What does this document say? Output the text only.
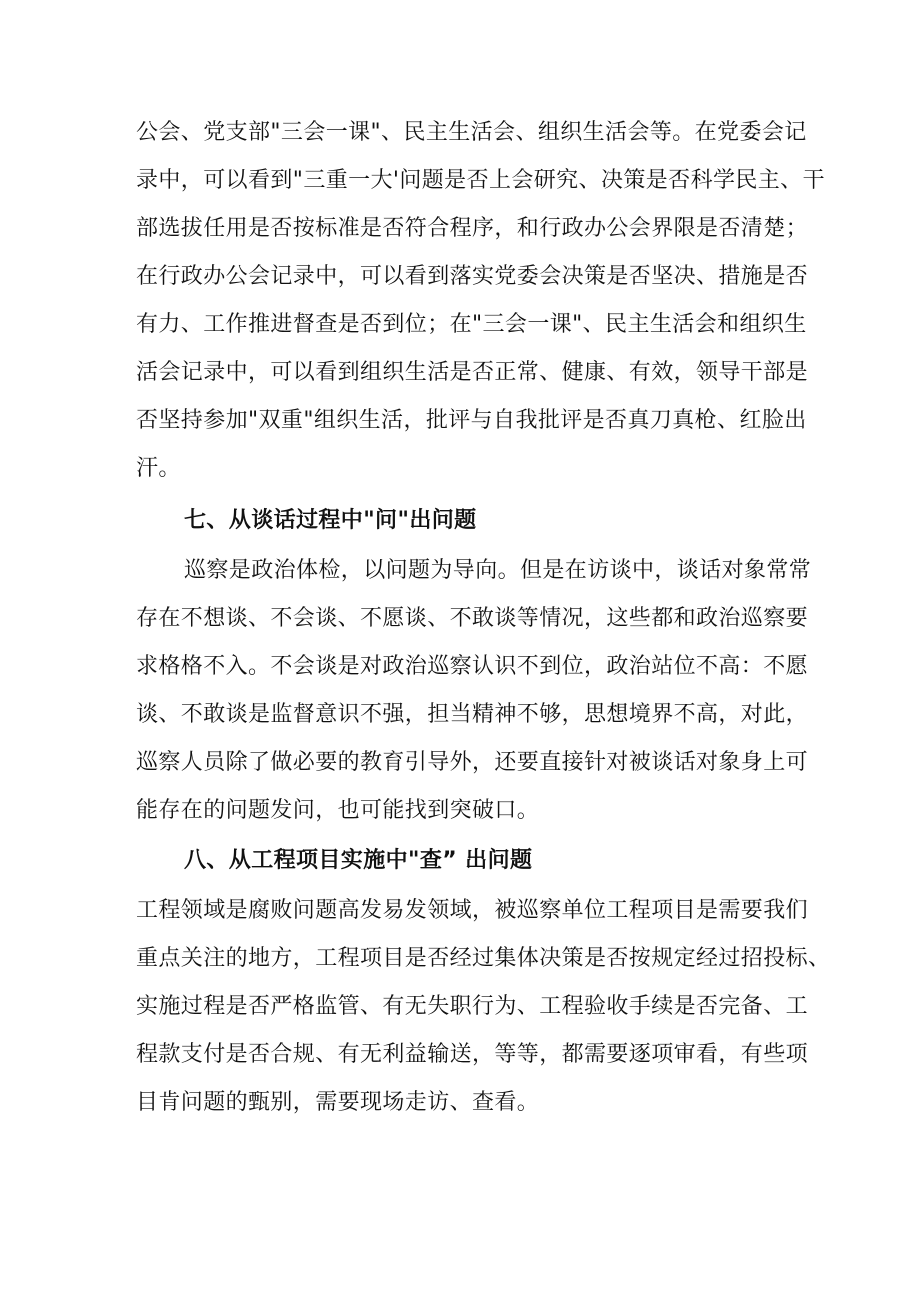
公会、党支部"三会一课"、民主生活会、组织生活会等。在党委会记
录中，可以看到"三重一大'问题是否上会研究、决策是否科学民主、干
部选拔任用是否按标准是否符合程序，和行政办公会界限是否清楚；
在行政办公会记录中，可以看到落实党委会决策是否坚决、措施是否
有力、工作推进督查是否到位；在"三会一课"、民主生活会和组织生
活会记录中，可以看到组织生活是否正常、健康、有效，领导干部是
否坚持参加"双重"组织生活，批评与自我批评是否真刀真枪、红脸出
汗。
七、从谈话过程中"问"出问题
巡察是政治体检，以问题为导向。但是在访谈中，谈话对象常常
存在不想谈、不会谈、不愿谈、不敢谈等情况，这些都和政治巡察要
求格格不入。不会谈是对政治巡察认识不到位，政治站位不高：不愿
谈、不敢谈是监督意识不强，担当精神不够，思想境界不高，对此，
巡察人员除了做必要的教育引导外，还要直接针对被谈话对象身上可
能存在的问题发问，也可能找到突破口。
八、从工程项目实施中"查” 出问题
工程领域是腐败问题高发易发领域，被巡察单位工程项目是需要我们
重点关注的地方，工程项目是否经过集体决策是否按规定经过招投标、
实施过程是否严格监管、有无失职行为、工程验收手续是否完备、工
程款支付是否合规、有无利益输送，等等，都需要逐项审看，有些项
目肯问题的甄别，需要现场走访、查看。
